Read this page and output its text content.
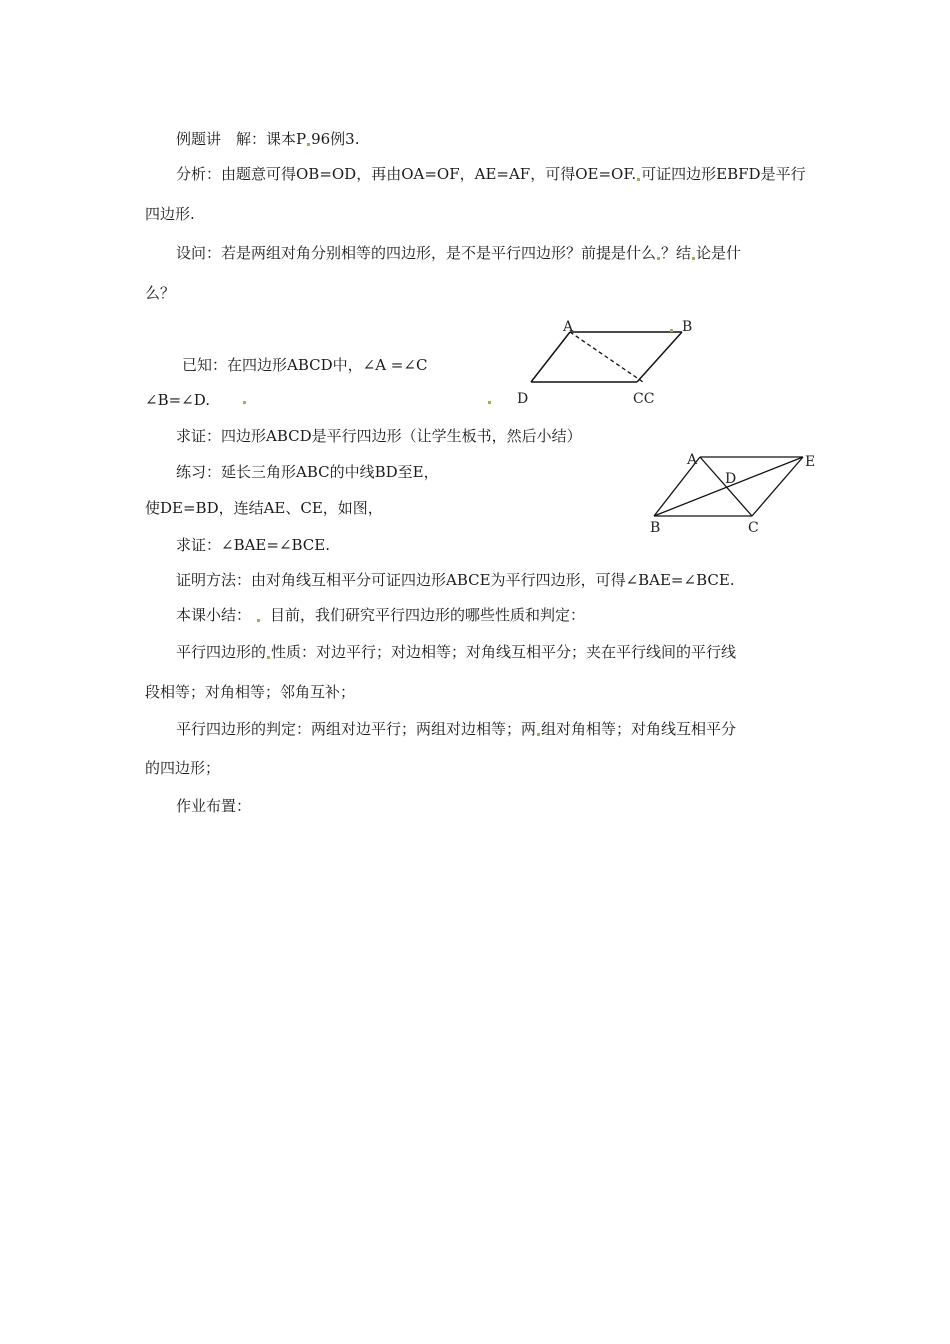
例题讲　解：课本P 96例3.
分析：由题意可得OB=OD，再由OA=OF，AE=AF，可得OE=OF. 可证四边形EBFD是平行
四边形.
设问：若是两组对角分别相等的四边形，是不是平行四边形？前提是什么 ？结 论是什
么？
已知：在四边形ABCD中，∠A =∠C
∠B=∠D.
A	B
D	CC
求证：四边形ABCD是平行四边形（让学生板书，然后小结）
练习：延长三角形ABC的中线BD至E，
使DE=BD，连结AE、CE，如图，
A	E
D
B	C
求证：∠BAE=∠BCE.
证明方法：由对角线互相平分可证四边形ABCE为平行四边形，可得∠BAE=∠BCE.
本课小结： 目前，我们研究平行四边形的哪些性质和判定：
平行四边形的 性质：对边平行；对边相等；对角线互相平分；夹在平行线间的平行线
段相等；对角相等；邻角互补；
平行四边形的判定：两组对边平行；两组对边相等；两 组对角相等；对角线互相平分
的四边形；
作业布置：
